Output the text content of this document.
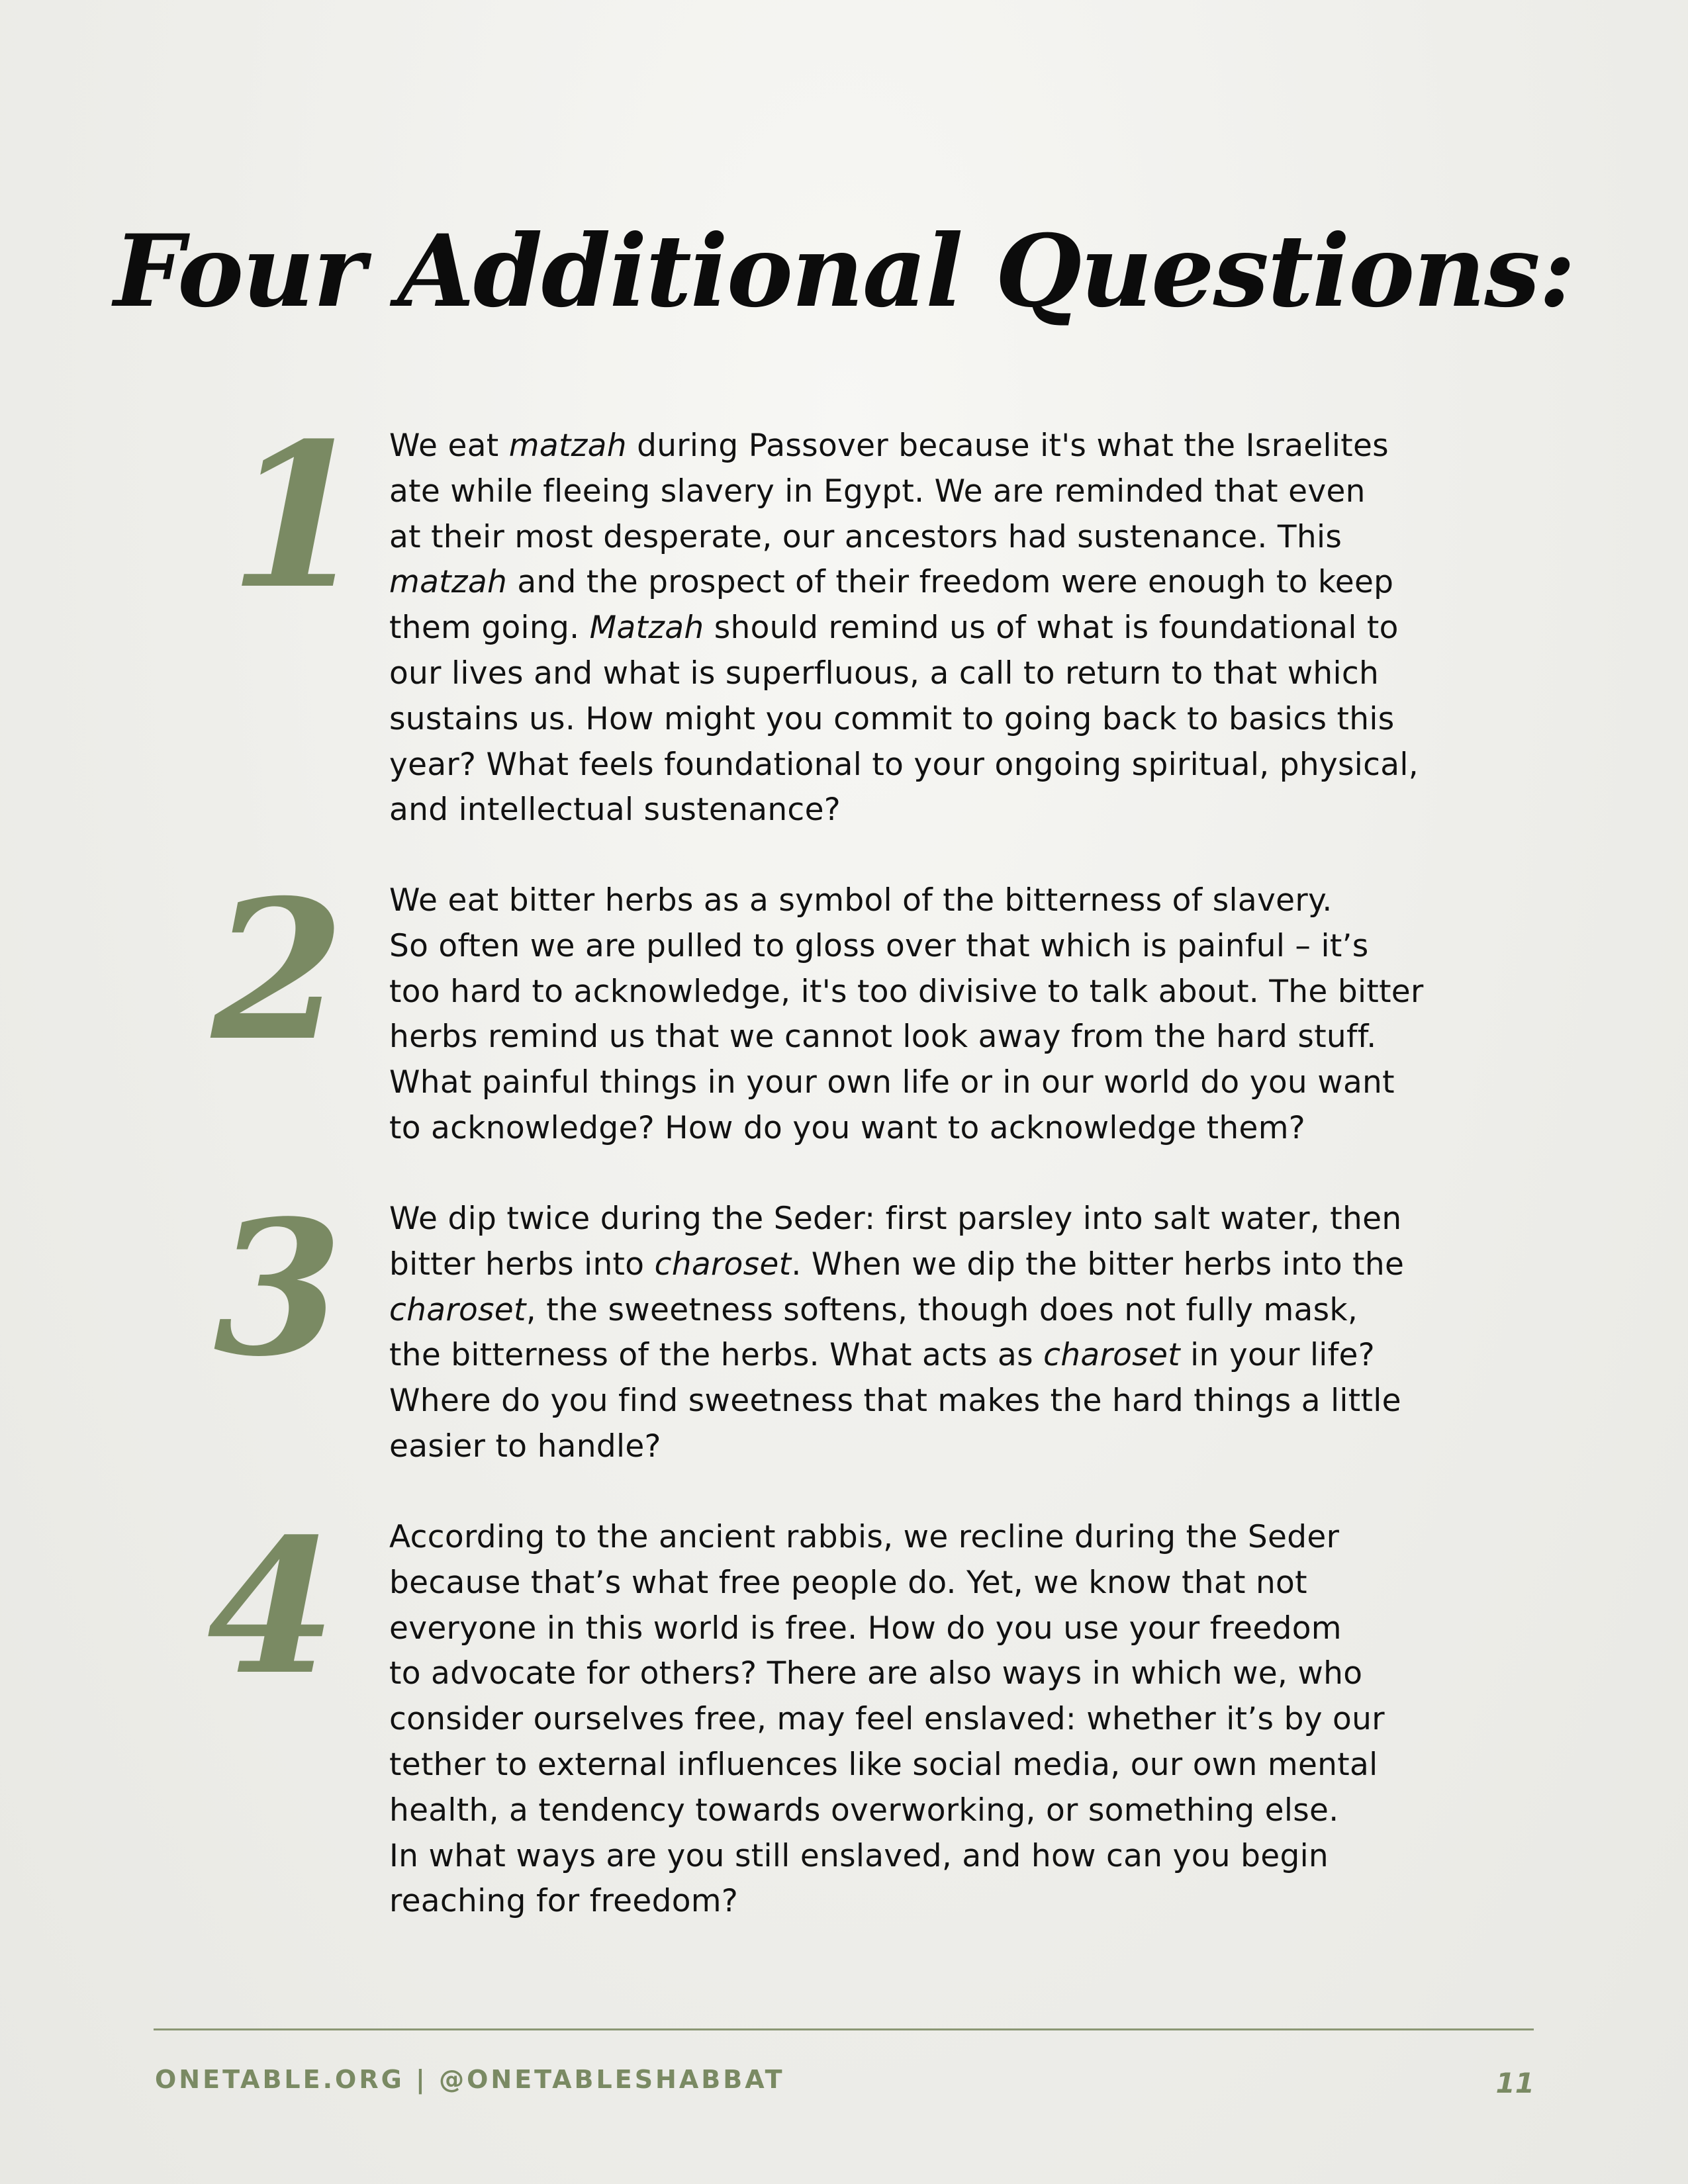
Four Additional Questions:
1 We eat matzah during Passover because it's what the Israelites
ate while fleeing slavery in Egypt. We are reminded that even
at their most desperate, our ancestors had sustenance. This
matzah and the prospect of their freedom were enough to keep
them going. Matzah should remind us of what is foundational to
our lives and what is superfluous, a call to return to that which
sustains us. How might you commit to going back to basics this
year? What feels foundational to your ongoing spiritual, physical,
and intellectual sustenance?

2	We eat bitter herbs as a symbol of the bitterness of slavery.
So often we are pulled to gloss over that which is painful – it’s
too hard to acknowledge, it's too divisive to talk about. The bitter
herbs remind us that we cannot look away from the hard stuff.
What painful things in your own life or in our world do you want
to acknowledge? How do you want to acknowledge them?

3	We dip twice during the Seder: first parsley into salt water, then
bitter herbs into charoset. When we dip the bitter herbs into the
charoset, the sweetness softens, though does not fully mask,
the bitterness of the herbs. What acts as charoset in your life?
Where do you find sweetness that makes the hard things a little
easier to handle?

4	According to the ancient rabbis, we recline during the Seder
because that’s what free people do. Yet, we know that not
everyone in this world is free. How do you use your freedom
to advocate for others? There are also ways in which we, who
consider ourselves free, may feel enslaved: whether it’s by our
tether to external influences like social media, our own mental
health, a tendency towards overworking, or something else.
In what ways are you still enslaved, and how can you begin
reaching for freedom?

ONETABLE.ORG | @ONETABLESHABBAT	11
